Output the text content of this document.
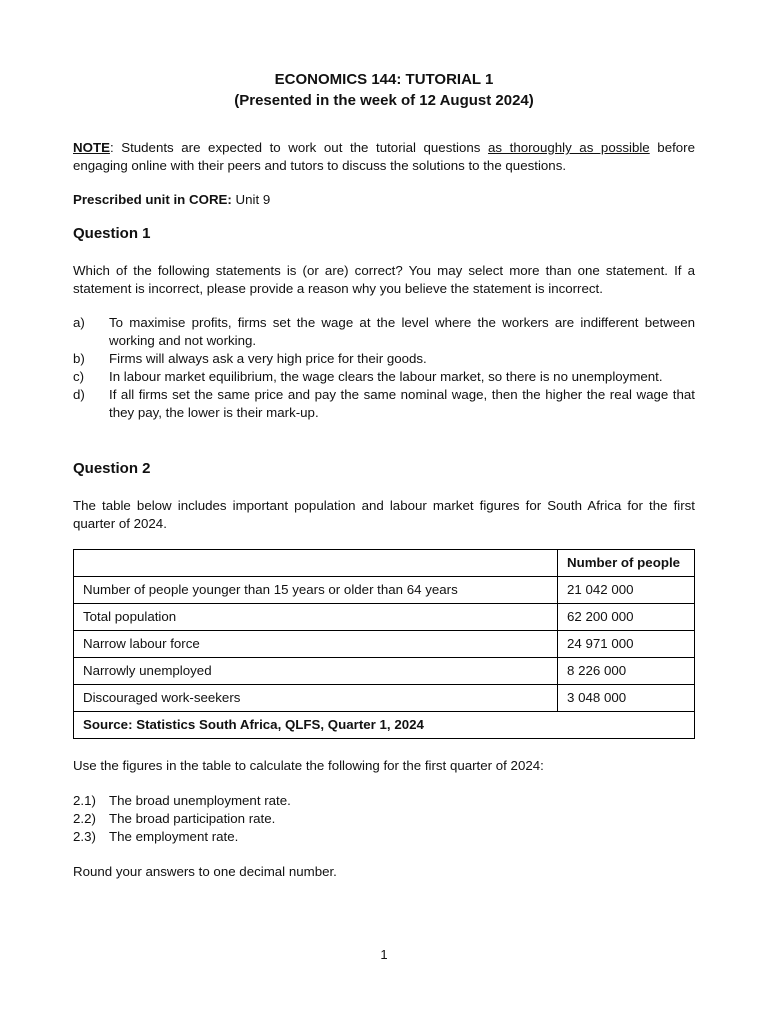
ECONOMICS 144: TUTORIAL 1
(Presented in the week of 12 August 2024)

NOTE: Students are expected to work out the tutorial questions as thoroughly as possible before engaging online with their peers and tutors to discuss the solutions to the questions.

Prescribed unit in CORE: Unit 9

Question 1

Which of the following statements is (or are) correct? You may select more than one statement. If a statement is incorrect, please provide a reason why you believe the statement is incorrect.

a)	To maximise profits, firms set the wage at the level where the workers are indifferent between working and not working.
b)	Firms will always ask a very high price for their goods.
c)	In labour market equilibrium, the wage clears the labour market, so there is no unemployment.
d)	If all firms set the same price and pay the same nominal wage, then the higher the real wage that they pay, the lower is their mark-up.
Question 2

The table below includes important population and labour market figures for South Africa for the first quarter of 2024.

	Number of people
Number of people younger than 15 years or older than 64 years	21 042 000
Total population	62 200 000
Narrow labour force	24 971 000
Narrowly unemployed	8 226 000
Discouraged work-seekers	3 048 000
Source: Statistics South Africa, QLFS, Quarter 1, 2024	

Use the figures in the table to calculate the following for the first quarter of 2024:

2.1) The broad unemployment rate.
2.2) The broad participation rate.
2.3) The employment rate.

Round your answers to one decimal number.

1
